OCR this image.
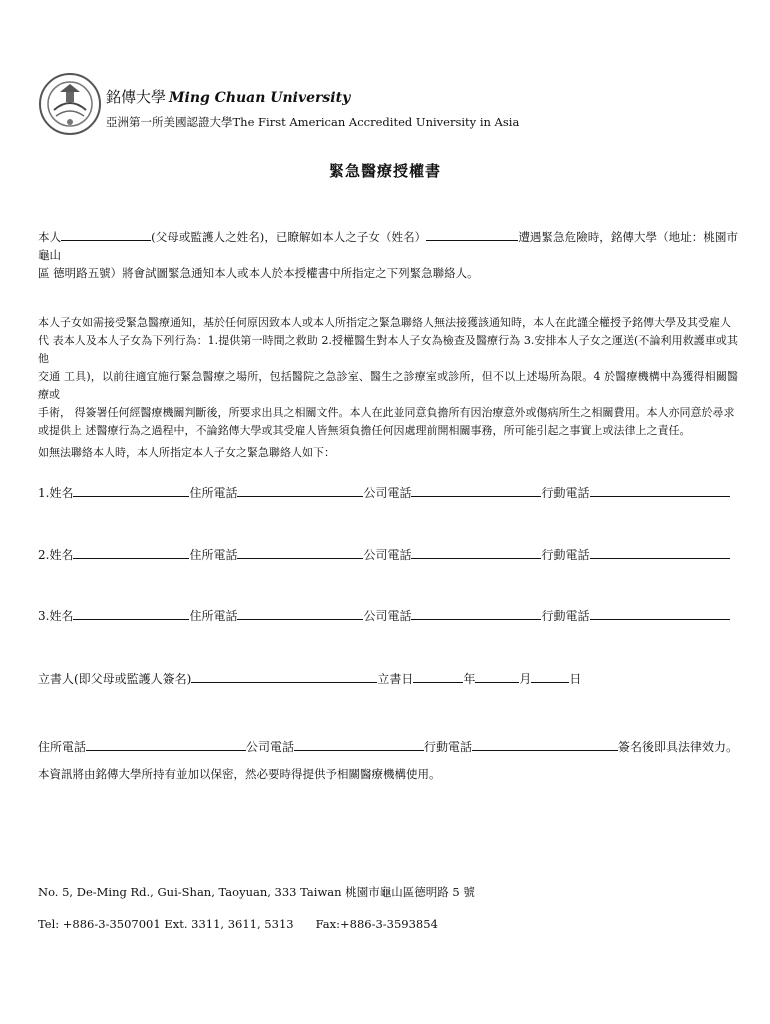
銘傳大學 Ming Chuan University
亞洲第一所美國認證大學The First American Accredited University in Asia
緊急醫療授權書
本人	(父母或監護人之姓名)，已瞭解如本人之子女（姓名）	遭遇緊急危險時，銘傳大學（地址：桃園市龜山
區 德明路五號）將會試圖緊急通知本人或本人於本授權書中所指定之下列緊急聯絡人。
本人子女如需接受緊急醫療通知，基於任何原因致本人或本人所指定之緊急聯絡人無法接獲該通知時，本人在此謹全權授予銘傳大學及其受雇人
代 表本人及本人子女為下列行為：1.提供第一時間之救助 2.授權醫生對本人子女為檢查及醫療行為 3.安排本人子女之運送(不論利用救護車或其他
交通 工具)，以前往適宜施行緊急醫療之場所，包括醫院之急診室、醫生之診療室或診所，但不以上述場所為限。4 於醫療機構中為獲得相關醫療或
手術， 得簽署任何經醫療機關判斷後，所要求出具之相關文件。本人在此並同意負擔所有因治療意外或傷病所生之相關費用。本人亦同意於尋求
或提供上 述醫療行為之過程中，不論銘傳大學或其受雇人皆無須負擔任何因處理前開相關事務，所可能引起之事實上或法律上之責任。
如無法聯絡本人時，本人所指定本人子女之緊急聯絡人如下：
1.姓名	住所電話	公司電話	行動電話
2.姓名	住所電話	公司電話	行動電話
3.姓名	住所電話	公司電話	行動電話
立書人(即父母或監護人簽名)	立書日	年	月	日
住所電話	公司電話	行動電話	簽名後即具法律效力。
本資訊將由銘傳大學所持有並加以保密，然必要時得提供予相關醫療機構使用。
No. 5, De-Ming Rd., Gui-Shan, Taoyuan, 333 Taiwan 桃園市龜山區德明路 5 號
Tel: +886-3-3507001 Ext. 3311, 3611, 5313 Fax:+886-3-3593854
